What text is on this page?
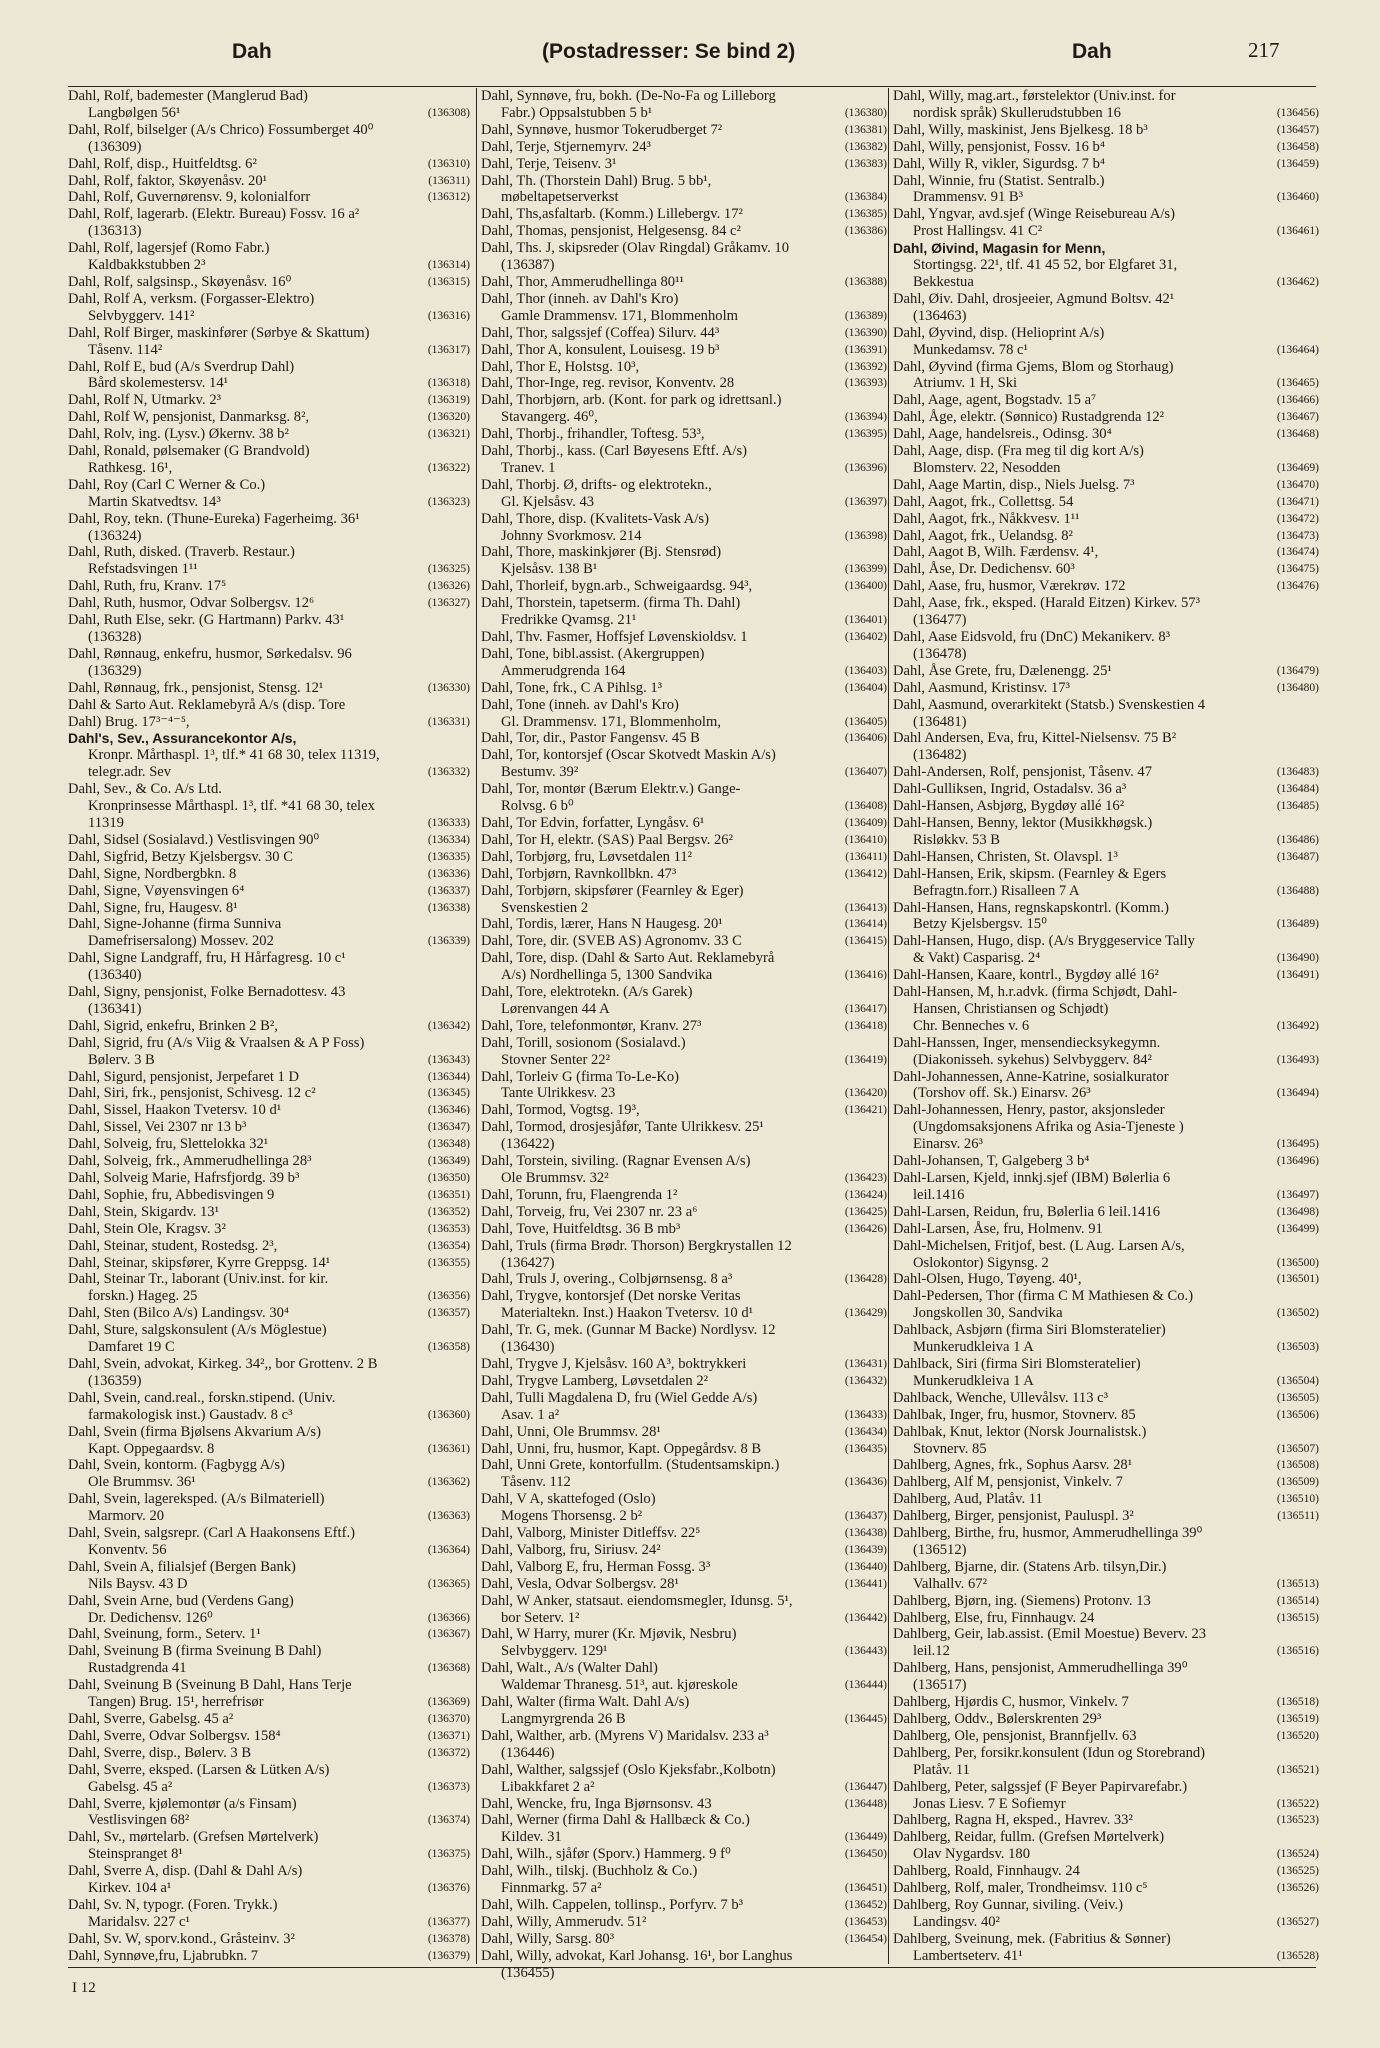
Dah	(Postadresser: Se bind 2)	Dah	217
Dahl, Rolf, bademester (Manglerud Bad)
Langbølgen 56¹	(136308)
Dahl, Rolf, bilselger (A/s Chrico) Fossumberget 40⁰
(136309)
Dahl, Rolf, disp., Huitfeldtsg. 6²	(136310)
Dahl, Rolf, faktor, Skøyenåsv. 20¹	(136311)
Dahl, Rolf, Guvernørensv. 9, kolonialforr	(136312)
Dahl, Rolf, lagerarb. (Elektr. Bureau) Fossv. 16 a²
(136313)
Dahl, Rolf, lagersjef (Romo Fabr.)
Kaldbakkstubben 2³	(136314)
Dahl, Rolf, salgsinsp., Skøyenåsv. 16⁰	(136315)
Dahl, Rolf A, verksm. (Forgasser-Elektro)
Selvbyggerv. 141²	(136316)
Dahl, Rolf Birger, maskinfører (Sørbye & Skattum)
Tåsenv. 114²	(136317)
Dahl, Rolf E, bud (A/s Sverdrup Dahl)
Bård skolemestersv. 14¹	(136318)
Dahl, Rolf N, Utmarkv. 2³	(136319)
Dahl, Rolf W, pensjonist, Danmarksg. 8²,	(136320)
Dahl, Rolv, ing. (Lysv.) Økernv. 38 b²	(136321)
Dahl, Ronald, pølsemaker (G Brandvold)
Rathkesg. 16¹,	(136322)
Dahl, Roy (Carl C Werner & Co.)
Martin Skatvedtsv. 14³	(136323)
Dahl, Roy, tekn. (Thune-Eureka) Fagerheimg. 36¹
(136324)
Dahl, Ruth, disked. (Traverb. Restaur.)
Refstadsvingen 1¹¹	(136325)
Dahl, Ruth, fru, Kranv. 17⁵	(136326)
Dahl, Ruth, husmor, Odvar Solbergsv. 12⁶	(136327)
Dahl, Ruth Else, sekr. (G Hartmann) Parkv. 43¹
(136328)
Dahl, Rønnaug, enkefru, husmor, Sørkedalsv. 96
(136329)
Dahl, Rønnaug, frk., pensjonist, Stensg. 12¹	(136330)
Dahl & Sarto Aut. Reklamebyrå A/s (disp. Tore
Dahl) Brug. 17³⁻⁴⁻⁵,	(136331)
Dahl's, Sev., Assurancekontor A/s,
Kronpr. Mårthaspl. 1³, tlf.* 41 68 30, telex 11319,
telegr.adr. Sev	(136332)
Dahl, Sev., & Co. A/s Ltd.
Kronprinsesse Mårthaspl. 1³, tlf. *41 68 30, telex
11319	(136333)
Dahl, Sidsel (Sosialavd.) Vestlisvingen 90⁰	(136334)
Dahl, Sigfrid, Betzy Kjelsbergsv. 30 C	(136335)
Dahl, Signe, Nordbergbkn. 8	(136336)
Dahl, Signe, Vøyensvingen 6⁴	(136337)
Dahl, Signe, fru, Haugesv. 8¹	(136338)
Dahl, Signe-Johanne (firma Sunniva
Damefrisersalong) Mossev. 202	(136339)
Dahl, Signe Landgraff, fru, H Hårfagresg. 10 c¹
(136340)
Dahl, Signy, pensjonist, Folke Bernadottesv. 43
(136341)
Dahl, Sigrid, enkefru, Brinken 2 B²,	(136342)
Dahl, Sigrid, fru (A/s Viig & Vraalsen & A P Foss)
Bølerv. 3 B	(136343)
Dahl, Sigurd, pensjonist, Jerpefaret 1 D	(136344)
Dahl, Siri, frk., pensjonist, Schivesg. 12 c²	(136345)
Dahl, Sissel, Haakon Tvetersv. 10 d¹	(136346)
Dahl, Sissel, Vei 2307 nr 13 b³	(136347)
Dahl, Solveig, fru, Slettelokka 32¹	(136348)
Dahl, Solveig, frk., Ammerudhellinga 28³	(136349)
Dahl, Solveig Marie, Hafrsfjordg. 39 b³	(136350)
Dahl, Sophie, fru, Abbedisvingen 9	(136351)
Dahl, Stein, Skigardv. 13¹	(136352)
Dahl, Stein Ole, Kragsv. 3²	(136353)
Dahl, Steinar, student, Rostedsg. 2³,	(136354)
Dahl, Steinar, skipsfører, Kyrre Greppsg. 14¹	(136355)
Dahl, Steinar Tr., laborant (Univ.inst. for kir.
forskn.) Hageg. 25	(136356)
Dahl, Sten (Bilco A/s) Landingsv. 30⁴	(136357)
Dahl, Sture, salgskonsulent (A/s Möglestue)
Damfaret 19 C	(136358)
Dahl, Svein, advokat, Kirkeg. 34²,, bor Grottenv. 2 B
(136359)
Dahl, Svein, cand.real., forskn.stipend. (Univ.
farmakologisk inst.) Gaustadv. 8 c³	(136360)
Dahl, Svein (firma Bjølsens Akvarium A/s)
Kapt. Oppegaardsv. 8	(136361)
Dahl, Svein, kontorm. (Fagbygg A/s)
Ole Brummsv. 36¹	(136362)
Dahl, Svein, lagereksped. (A/s Bilmateriell)
Marmorv. 20	(136363)
Dahl, Svein, salgsrepr. (Carl A Haakonsens Eftf.)
Konventv. 56	(136364)
Dahl, Svein A, filialsjef (Bergen Bank)
Nils Baysv. 43 D	(136365)
Dahl, Svein Arne, bud (Verdens Gang)
Dr. Dedichensv. 126⁰	(136366)
Dahl, Sveinung, form., Seterv. 1¹	(136367)
Dahl, Sveinung B (firma Sveinung B Dahl)
Rustadgrenda 41	(136368)
Dahl, Sveinung B (Sveinung B Dahl, Hans Terje
Tangen) Brug. 15¹, herrefrisør	(136369)
Dahl, Sverre, Gabelsg. 45 a²	(136370)
Dahl, Sverre, Odvar Solbergsv. 158⁴	(136371)
Dahl, Sverre, disp., Bølerv. 3 B	(136372)
Dahl, Sverre, eksped. (Larsen & Lütken A/s)
Gabelsg. 45 a²	(136373)
Dahl, Sverre, kjølemontør (a/s Finsam)
Vestlisvingen 68²	(136374)
Dahl, Sv., mørtelarb. (Grefsen Mørtelverk)
Steinspranget 8¹	(136375)
Dahl, Sverre A, disp. (Dahl & Dahl A/s)
Kirkev. 104 a¹	(136376)
Dahl, Sv. N, typogr. (Foren. Trykk.)
Maridalsv. 227 c¹	(136377)
Dahl, Sv. W, sporv.kond., Gråsteinv. 3²	(136378)
Dahl, Synnøve,fru, Ljabrubkn. 7	(136379)
Dahl, Synnøve, fru, bokh. (De-No-Fa og Lilleborg
Fabr.) Oppsalstubben 5 b¹	(136380)
Dahl, Synnøve, husmor Tokerudberget 7²	(136381)
Dahl, Terje, Stjernemyrv. 24³	(136382)
Dahl, Terje, Teisenv. 3¹	(136383)
Dahl, Th. (Thorstein Dahl) Brug. 5 bb¹,
møbeltapetserverkst	(136384)
Dahl, Ths,asfaltarb. (Komm.) Lillebergv. 17²	(136385)
Dahl, Thomas, pensjonist, Helgesensg. 84 c²	(136386)
Dahl, Ths. J, skipsreder (Olav Ringdal) Gråkamv. 10
(136387)
Dahl, Thor, Ammerudhellinga 80¹¹	(136388)
Dahl, Thor (inneh. av Dahl's Kro)
Gamle Drammensv. 171, Blommenholm	(136389)
Dahl, Thor, salgssjef (Coffea) Silurv. 44³	(136390)
Dahl, Thor A, konsulent, Louisesg. 19 b³	(136391)
Dahl, Thor E, Holstsg. 10³,	(136392)
Dahl, Thor-Inge, reg. revisor, Konventv. 28	(136393)
Dahl, Thorbjørn, arb. (Kont. for park og idrettsanl.)
Stavangerg. 46⁰,	(136394)
Dahl, Thorbj., frihandler, Toftesg. 53³,	(136395)
Dahl, Thorbj., kass. (Carl Bøyesens Eftf. A/s)
Tranev. 1	(136396)
Dahl, Thorbj. Ø, drifts- og elektrotekn.,
Gl. Kjelsåsv. 43	(136397)
Dahl, Thore, disp. (Kvalitets-Vask A/s)
Johnny Svorkmosv. 214	(136398)
Dahl, Thore, maskinkjører (Bj. Stensrød)
Kjelsåsv. 138 B¹	(136399)
Dahl, Thorleif, bygn.arb., Schweigaardsg. 94³,	(136400)
Dahl, Thorstein, tapetserm. (firma Th. Dahl)
Fredrikke Qvamsg. 21¹	(136401)
Dahl, Thv. Fasmer, Hoffsjef Løvenskioldsv. 1	(136402)
Dahl, Tone, bibl.assist. (Akergruppen)
Ammerudgrenda 164	(136403)
Dahl, Tone, frk., C A Pihlsg. 1³	(136404)
Dahl, Tone (inneh. av Dahl's Kro)
Gl. Drammensv. 171, Blommenholm,	(136405)
Dahl, Tor, dir., Pastor Fangensv. 45 B	(136406)
Dahl, Tor, kontorsjef (Oscar Skotvedt Maskin A/s)
Bestumv. 39²	(136407)
Dahl, Tor, montør (Bærum Elektr.v.) Gange-
Rolvsg. 6 b⁰	(136408)
Dahl, Tor Edvin, forfatter, Lyngåsv. 6¹	(136409)
Dahl, Tor H, elektr. (SAS) Paal Bergsv. 26²	(136410)
Dahl, Torbjørg, fru, Løvsetdalen 11²	(136411)
Dahl, Torbjørn, Ravnkollbkn. 47³	(136412)
Dahl, Torbjørn, skipsfører (Fearnley & Eger)
Svenskestien 2	(136413)
Dahl, Tordis, lærer, Hans N Haugesg. 20¹	(136414)
Dahl, Tore, dir. (SVEB AS) Agronomv. 33 C	(136415)
Dahl, Tore, disp. (Dahl & Sarto Aut. Reklamebyrå
A/s) Nordhellinga 5, 1300 Sandvika	(136416)
Dahl, Tore, elektrotekn. (A/s Garek)
Lørenvangen 44 A	(136417)
Dahl, Tore, telefonmontør, Kranv. 27³	(136418)
Dahl, Torill, sosionom (Sosialavd.)
Stovner Senter 22²	(136419)
Dahl, Torleiv G (firma To-Le-Ko)
Tante Ulrikkesv. 23	(136420)
Dahl, Tormod, Vogtsg. 19³,	(136421)
Dahl, Tormod, drosjesjåfør, Tante Ulrikkesv. 25¹
(136422)
Dahl, Torstein, siviling. (Ragnar Evensen A/s)
Ole Brummsv. 32²	(136423)
Dahl, Torunn, fru, Flaengrenda 1²	(136424)
Dahl, Torveig, fru, Vei 2307 nr. 23 a⁶	(136425)
Dahl, Tove, Huitfeldtsg. 36 B mb³	(136426)
Dahl, Truls (firma Brødr. Thorson) Bergkrystallen 12
(136427)
Dahl, Truls J, overing., Colbjørnsensg. 8 a³	(136428)
Dahl, Trygve, kontorsjef (Det norske Veritas
Materialtekn. Inst.) Haakon Tvetersv. 10 d¹	(136429)
Dahl, Tr. G, mek. (Gunnar M Backe) Nordlysv. 12
(136430)
Dahl, Trygve J, Kjelsåsv. 160 A³, boktrykkeri	(136431)
Dahl, Trygve Lamberg, Løvsetdalen 2²	(136432)
Dahl, Tulli Magdalena D, fru (Wiel Gedde A/s)
Asav. 1 a²	(136433)
Dahl, Unni, Ole Brummsv. 28¹	(136434)
Dahl, Unni, fru, husmor, Kapt. Oppegårdsv. 8 B	(136435)
Dahl, Unni Grete, kontorfullm. (Studentsamskipn.)
Tåsenv. 112	(136436)
Dahl, V A, skattefoged (Oslo)
Mogens Thorsensg. 2 b²	(136437)
Dahl, Valborg, Minister Ditleffsv. 22⁵	(136438)
Dahl, Valborg, fru, Siriusv. 24²	(136439)
Dahl, Valborg E, fru, Herman Fossg. 3³	(136440)
Dahl, Vesla, Odvar Solbergsv. 28¹	(136441)
Dahl, W Anker, statsaut. eiendomsmegler, Idunsg. 5¹,
bor Seterv. 1²	(136442)
Dahl, W Harry, murer (Kr. Mjøvik, Nesbru)
Selvbyggerv. 129¹	(136443)
Dahl, Walt., A/s (Walter Dahl)
Waldemar Thranesg. 51³, aut. kjøreskole	(136444)
Dahl, Walter (firma Walt. Dahl A/s)
Langmyrgrenda 26 B	(136445)
Dahl, Walther, arb. (Myrens V) Maridalsv. 233 a³
(136446)
Dahl, Walther, salgssjef (Oslo Kjeksfabr.,Kolbotn)
Libakkfaret 2 a²	(136447)
Dahl, Wencke, fru, Inga Bjørnsonsv. 43	(136448)
Dahl, Werner (firma Dahl & Hallbæck & Co.)
Kildev. 31	(136449)
Dahl, Wilh., sjåfør (Sporv.) Hammerg. 9 f⁰	(136450)
Dahl, Wilh., tilskj. (Buchholz & Co.)
Finnmarkg. 57 a²	(136451)
Dahl, Wilh. Cappelen, tollinsp., Porfyrv. 7 b³	(136452)
Dahl, Willy, Ammerudv. 51²	(136453)
Dahl, Willy, Sarsg. 80³	(136454)
Dahl, Willy, advokat, Karl Johansg. 16¹, bor Langhus
(136455)
Dahl, Willy, mag.art., førstelektor (Univ.inst. for
nordisk språk) Skullerudstubben 16	(136456)
Dahl, Willy, maskinist, Jens Bjelkesg. 18 b³	(136457)
Dahl, Willy, pensjonist, Fossv. 16 b⁴	(136458)
Dahl, Willy R, vikler, Sigurdsg. 7 b⁴	(136459)
Dahl, Winnie, fru (Statist. Sentralb.)
Drammensv. 91 B³	(136460)
Dahl, Yngvar, avd.sjef (Winge Reisebureau A/s)
Prost Hallingsv. 41 C²	(136461)
Dahl, Øivind, Magasin for Menn,
Stortingsg. 22¹, tlf. 41 45 52, bor Elgfaret 31,
Bekkestua	(136462)
Dahl, Øiv. Dahl, drosjeeier, Agmund Boltsv. 42¹
(136463)
Dahl, Øyvind, disp. (Helioprint A/s)
Munkedamsv. 78 c¹	(136464)
Dahl, Øyvind (firma Gjems, Blom og Storhaug)
Atriumv. 1 H, Ski	(136465)
Dahl, Aage, agent, Bogstadv. 15 a⁷	(136466)
Dahl, Åge, elektr. (Sønnico) Rustadgrenda 12²	(136467)
Dahl, Aage, handelsreis., Odinsg. 30⁴	(136468)
Dahl, Aage, disp. (Fra meg til dig kort A/s)
Blomsterv. 22, Nesodden	(136469)
Dahl, Aage Martin, disp., Niels Juelsg. 7³	(136470)
Dahl, Aagot, frk., Collettsg. 54	(136471)
Dahl, Aagot, frk., Nåkkvesv. 1¹¹	(136472)
Dahl, Aagot, frk., Uelandsg. 8²	(136473)
Dahl, Aagot B, Wilh. Færdensv. 4¹,	(136474)
Dahl, Åse, Dr. Dedichensv. 60³	(136475)
Dahl, Aase, fru, husmor, Værekrøv. 172	(136476)
Dahl, Aase, frk., eksped. (Harald Eitzen) Kirkev. 57³
(136477)
Dahl, Aase Eidsvold, fru (DnC) Mekanikerv. 8³
(136478)
Dahl, Åse Grete, fru, Dælenengg. 25¹	(136479)
Dahl, Aasmund, Kristinsv. 17³	(136480)
Dahl, Aasmund, overarkitekt (Statsb.) Svenskestien 4
(136481)
Dahl Andersen, Eva, fru, Kittel-Nielsensv. 75 B²
(136482)
Dahl-Andersen, Rolf, pensjonist, Tåsenv. 47	(136483)
Dahl-Gulliksen, Ingrid, Ostadalsv. 36 a³	(136484)
Dahl-Hansen, Asbjørg, Bygdøy allé 16²	(136485)
Dahl-Hansen, Benny, lektor (Musikkhøgsk.)
Risløkkv. 53 B	(136486)
Dahl-Hansen, Christen, St. Olavspl. 1³	(136487)
Dahl-Hansen, Erik, skipsm. (Fearnley & Egers
Befragtn.forr.) Risalleen 7 A	(136488)
Dahl-Hansen, Hans, regnskapskontrl. (Komm.)
Betzy Kjelsbergsv. 15⁰	(136489)
Dahl-Hansen, Hugo, disp. (A/s Bryggeservice Tally
& Vakt) Casparisg. 2⁴	(136490)
Dahl-Hansen, Kaare, kontrl., Bygdøy allé 16²	(136491)
Dahl-Hansen, M, h.r.advk. (firma Schjødt, Dahl-
Hansen, Christiansen og Schjødt)
Chr. Benneches v. 6	(136492)
Dahl-Hanssen, Inger, mensendiecksykegymn.
(Diakonisseh. sykehus) Selvbyggerv. 84²	(136493)
Dahl-Johannessen, Anne-Katrine, sosialkurator
(Torshov off. Sk.) Einarsv. 26³	(136494)
Dahl-Johannessen, Henry, pastor, aksjonsleder
(Ungdomsaksjonens Afrika og Asia-Tjeneste )
Einarsv. 26³	(136495)
Dahl-Johansen, T, Galgeberg 3 b⁴	(136496)
Dahl-Larsen, Kjeld, innkj.sjef (IBM) Bølerlia 6
leil.1416	(136497)
Dahl-Larsen, Reidun, fru, Bølerlia 6 leil.1416	(136498)
Dahl-Larsen, Åse, fru, Holmenv. 91	(136499)
Dahl-Michelsen, Fritjof, best. (L Aug. Larsen A/s,
Oslokontor) Sigynsg. 2	(136500)
Dahl-Olsen, Hugo, Tøyeng. 40¹,	(136501)
Dahl-Pedersen, Thor (firma C M Mathiesen & Co.)
Jongskollen 30, Sandvika	(136502)
Dahlback, Asbjørn (firma Siri Blomsteratelier)
Munkerudkleiva 1 A	(136503)
Dahlback, Siri (firma Siri Blomsteratelier)
Munkerudkleiva 1 A	(136504)
Dahlback, Wenche, Ullevålsv. 113 c³	(136505)
Dahlbak, Inger, fru, husmor, Stovnerv. 85	(136506)
Dahlbak, Knut, lektor (Norsk Journalistsk.)
Stovnerv. 85	(136507)
Dahlberg, Agnes, frk., Sophus Aarsv. 28¹	(136508)
Dahlberg, Alf M, pensjonist, Vinkelv. 7	(136509)
Dahlberg, Aud, Platåv. 11	(136510)
Dahlberg, Birger, pensjonist, Pauluspl. 3²	(136511)
Dahlberg, Birthe, fru, husmor, Ammerudhellinga 39⁰
(136512)
Dahlberg, Bjarne, dir. (Statens Arb. tilsyn,Dir.)
Valhallv. 67²	(136513)
Dahlberg, Bjørn, ing. (Siemens) Protonv. 13	(136514)
Dahlberg, Else, fru, Finnhaugv. 24	(136515)
Dahlberg, Geir, lab.assist. (Emil Moestue) Beverv. 23
leil.12	(136516)
Dahlberg, Hans, pensjonist, Ammerudhellinga 39⁰
(136517)
Dahlberg, Hjørdis C, husmor, Vinkelv. 7	(136518)
Dahlberg, Oddv., Bølerskrenten 29³	(136519)
Dahlberg, Ole, pensjonist, Brannfjellv. 63	(136520)
Dahlberg, Per, forsikr.konsulent (Idun og Storebrand)
Platåv. 11	(136521)
Dahlberg, Peter, salgssjef (F Beyer Papirvarefabr.)
Jonas Liesv. 7 E Sofiemyr	(136522)
Dahlberg, Ragna H, eksped., Havrev. 33²	(136523)
Dahlberg, Reidar, fullm. (Grefsen Mørtelverk)
Olav Nygardsv. 180	(136524)
Dahlberg, Roald, Finnhaugv. 24	(136525)
Dahlberg, Rolf, maler, Trondheimsv. 110 c⁵	(136526)
Dahlberg, Roy Gunnar, siviling. (Veiv.)
Landingsv. 40²	(136527)
Dahlberg, Sveinung, mek. (Fabritius & Sønner)
Lambertseterv. 41¹	(136528)
I 12
